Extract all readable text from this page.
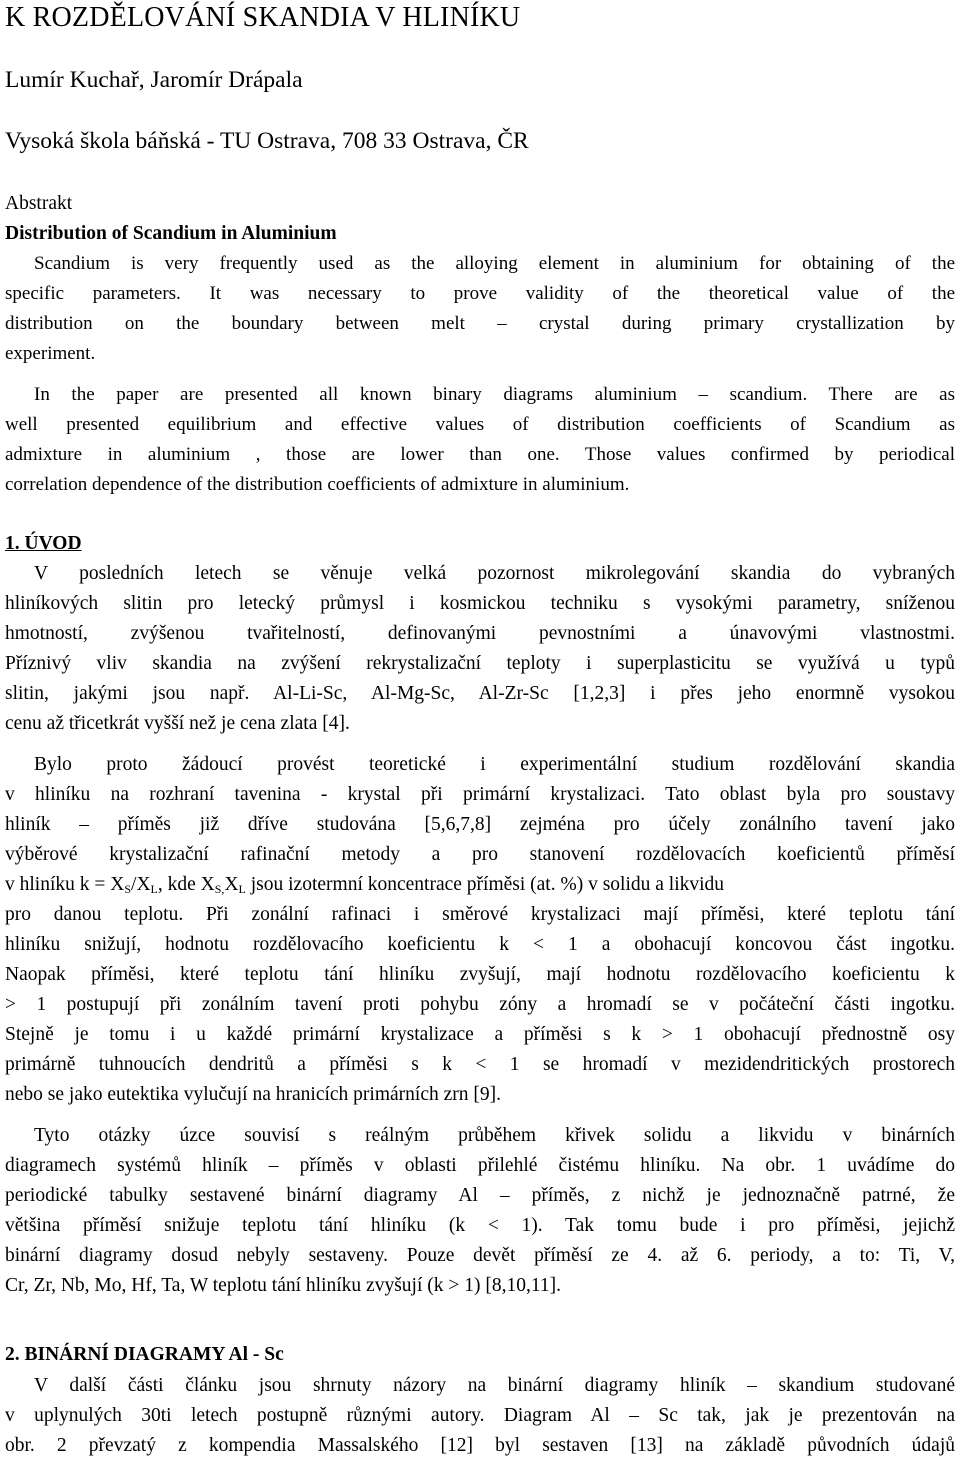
K ROZDĚLOVÁNÍ SKANDIA V HLINÍKU
Lumír Kuchař, Jaromír Drápala
Vysoká škola báňská - TU Ostrava, 708 33 Ostrava, ČR
Abstrakt
Distribution of Scandium in Aluminium
Scandium is very frequently used as the alloying element in aluminium for obtaining of the
specific parameters. It was necessary to prove validity of the theoretical value of the
distribution on the boundary between melt – crystal during primary crystallization by
experiment.
In the paper are presented all known binary diagrams aluminium – scandium. There are as
well presented equilibrium and effective values of distribution coefficients of Scandium as
admixture in aluminium , those are lower than one. Those values confirmed by periodical
correlation dependence of the distribution coefficients of admixture in aluminium.
1. ÚVOD
V posledních letech se věnuje velká pozornost mikrolegování skandia do vybraných
hliníkových slitin pro letecký průmysl i kosmickou techniku s vysokými parametry, sníženou
hmotností, zvýšenou tvařitelností, definovanými pevnostními a únavovými vlastnostmi.
Příznivý vliv skandia na zvýšení rekrystalizační teploty i superplasticitu se využívá u typů
slitin, jakými jsou např. Al-Li-Sc, Al-Mg-Sc, Al-Zr-Sc [1,2,3] i přes jeho enormně vysokou
cenu až třicetkrát vyšší než je cena zlata [4].
Bylo proto žádoucí provést teoretické i experimentální studium rozdělování skandia
v hliníku na rozhraní tavenina - krystal při primární krystalizaci. Tato oblast byla pro soustavy
hliník – příměs již dříve studována [5,6,7,8] zejména pro účely zonálního tavení jako
výběrové krystalizační rafinační metody a pro stanovení rozdělovacích koeficientů příměsí
v hliníku $k = X_S/X_L$, kde $X_{S,}X_L$ jsou izotermní koncentrace příměsi (at. %) v solidu a likvidu
pro danou teplotu. Při zonální rafinaci i směrové krystalizaci mají příměsi, které teplotu tání
hliníku snižují, hodnotu rozdělovacího koeficientu k < 1 a obohacují koncovou část ingotku.
Naopak příměsi, které teplotu tání hliníku zvyšují, mají hodnotu rozdělovacího koeficientu k
> 1 postupují při zonálním tavení proti pohybu zóny a hromadí se v počáteční části ingotku.
Stejně je tomu i u každé primární krystalizace a příměsi s k > 1 obohacují přednostně osy
primárně tuhnoucích dendritů a příměsi s k < 1 se hromadí v mezidendritických prostorech
nebo se jako eutektika vylučují na hranicích primárních zrn [9].
Tyto otázky úzce souvisí s reálným průběhem křivek solidu a likvidu v binárních
diagramech systémů hliník – příměs v oblasti přilehlé čistému hliníku. Na obr. 1 uvádíme do
periodické tabulky sestavené binární diagramy Al – příměs, z nichž je jednoznačně patrné, že
většina příměsí snižuje teplotu tání hliníku (k < 1). Tak tomu bude i pro příměsi, jejichž
binární diagramy dosud nebyly sestaveny. Pouze devět příměsí ze 4. až 6. periody, a to: Ti, V,
Cr, Zr, Nb, Mo, Hf, Ta, W teplotu tání hliníku zvyšují (k > 1) [8,10,11].
2. BINÁRNÍ DIAGRAMY Al - Sc
V další části článku jsou shrnuty názory na binární diagramy hliník – skandium studované
v uplynulých 30ti letech postupně různými autory. Diagram Al – Sc tak, jak je prezentován na
obr. 2 převzatý z kompendia Massalského [12] byl sestaven [13] na základě původních údajů
